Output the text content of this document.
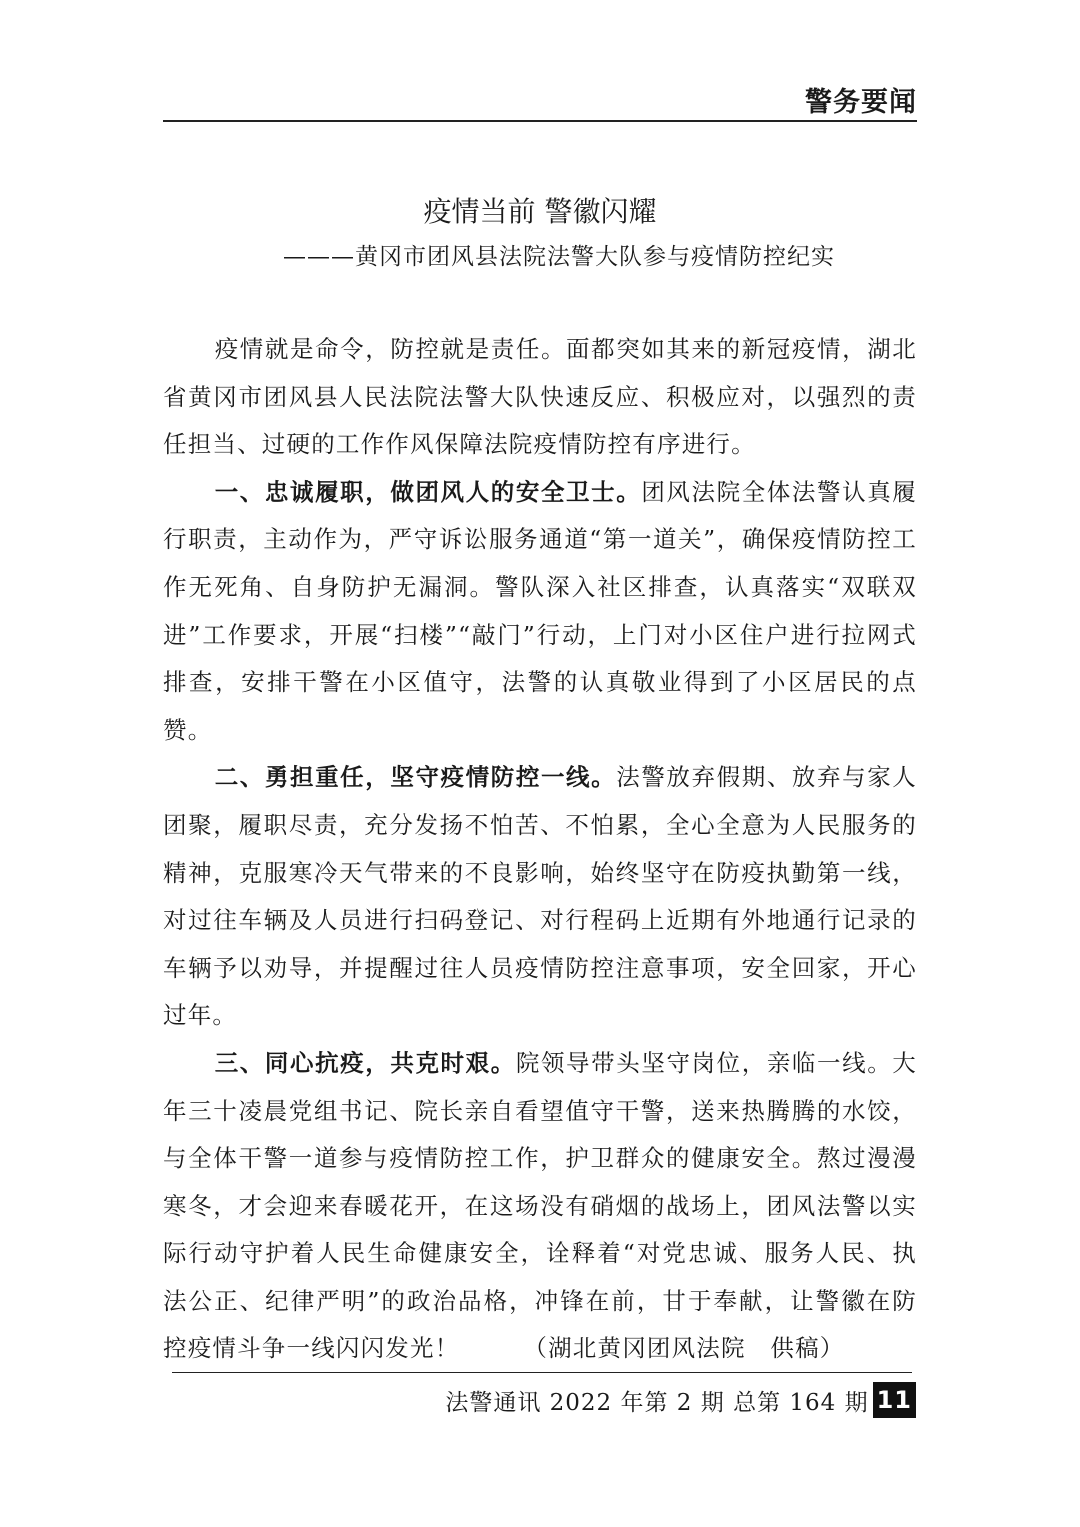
警务要闻
疫情当前 警徽闪耀
———黄冈市团风县法院法警大队参与疫情防控纪实

疫情就是命令，防控就是责任。面都突如其来的新冠疫情，湖北省黄冈市团风县人民法院法警大队快速反应、积极应对，以强烈的责任担当、过硬的工作作风保障法院疫情防控有序进行。

一、忠诚履职，做团风人的安全卫士。团风法院全体法警认真履行职责，主动作为，严守诉讼服务通道“第一道关”，确保疫情防控工作无死角、自身防护无漏洞。警队深入社区排查，认真落实“双联双进”工作要求，开展“扫楼”“敲门”行动，上门对小区住户进行拉网式排查，安排干警在小区值守，法警的认真敬业得到了小区居民的点赞。

二、勇担重任，坚守疫情防控一线。法警放弃假期、放弃与家人团聚，履职尽责，充分发扬不怕苦、不怕累，全心全意为人民服务的精神，克服寒冷天气带来的不良影响，始终坚守在防疫执勤第一线，对过往车辆及人员进行扫码登记、对行程码上近期有外地通行记录的车辆予以劝导，并提醒过往人员疫情防控注意事项，安全回家，开心过年。

三、同心抗疫，共克时艰。院领导带头坚守岗位，亲临一线。大年三十凌晨党组书记、院长亲自看望值守干警，送来热腾腾的水饺，与全体干警一道参与疫情防控工作，护卫群众的健康安全。熬过漫漫寒冬，才会迎来春暖花开，在这场没有硝烟的战场上，团风法警以实际行动守护着人民生命健康安全，诠释着“对党忠诚、服务人民、执法公正、纪律严明”的政治品格，冲锋在前，甘于奉献，让警徽在防控疫情斗争一线闪闪发光！	（湖北黄冈团风法院　供稿）

法警通讯 2022 年第 2 期 总第 164 期 11
